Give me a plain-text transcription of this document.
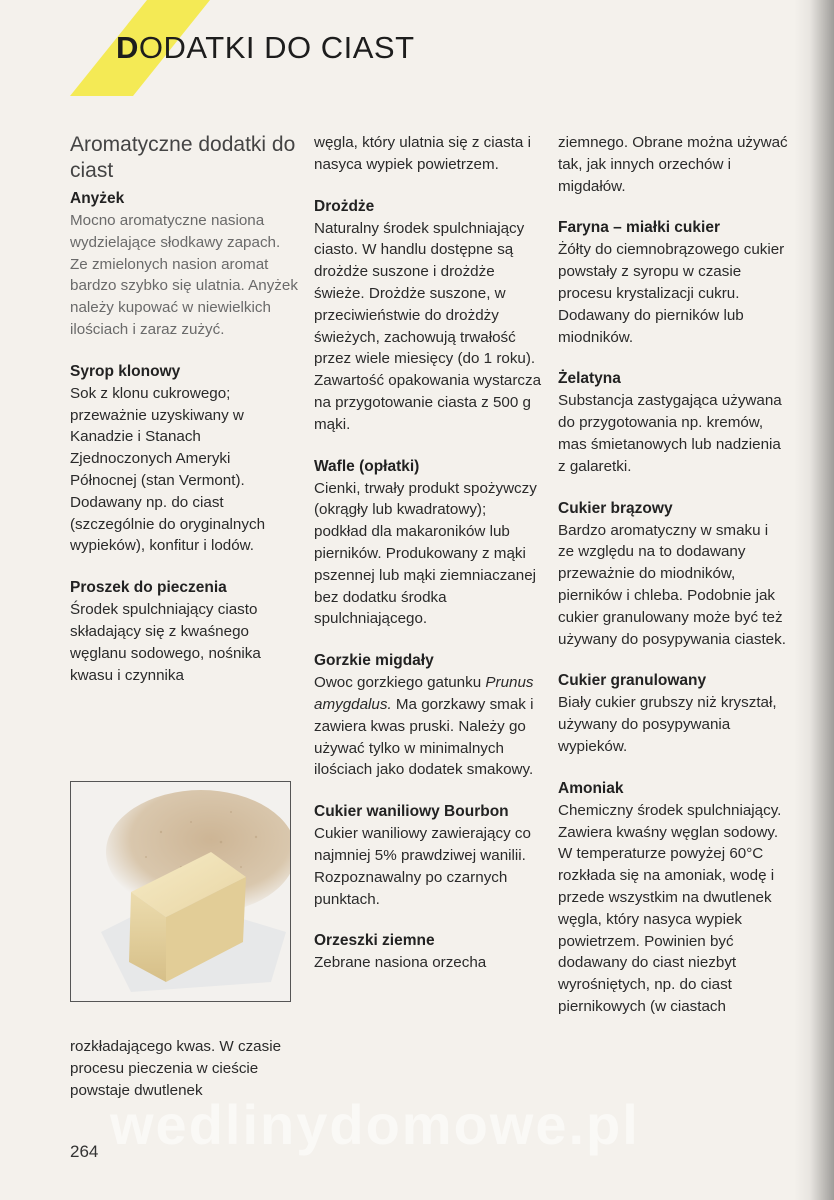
DODATKI DO CIAST
Aromatyczne dodatki do ciast
Anyżek

Mocno aromatyczne nasiona wydzielające słodkawy zapach. Ze zmielonych nasion aromat bardzo szybko się ulatnia. Anyżek należy kupować w niewielkich ilościach i zaraz zużyć.

Syrop klonowy

Sok z klonu cukrowego; przeważnie uzyskiwany w Kanadzie i Stanach Zjednoczonych Ameryki Północnej (stan Vermont). Dodawany np. do ciast (szczególnie do oryginalnych wypieków), konfitur i lodów.

Proszek do pieczenia

Środek spulchniający ciasto składający się z kwaśnego węglanu sodowego, nośnika kwasu i czynnika

rozkładającego kwas. W czasie procesu pieczenia w cieście powstaje dwutlenek

węgla, który ulatnia się z ciasta i nasyca wypiek powietrzem.

Drożdże

Naturalny środek spulchniający ciasto. W handlu dostępne są drożdże suszone i drożdże świeże. Drożdże suszone, w przeciwieństwie do drożdży świeżych, zachowują trwałość przez wiele miesięcy (do 1 roku). Zawartość opakowania wystarcza na przygotowanie ciasta z 500 g mąki.

Wafle (opłatki)

Cienki, trwały produkt spożywczy (okrągły lub kwadratowy); podkład dla makaroników lub pierników. Produkowany z mąki pszennej lub mąki ziemniaczanej bez dodatku środka spulchniającego.

Gorzkie migdały

Owoc gorzkiego gatunku Prunus amygdalus. Ma gorzkawy smak i zawiera kwas pruski. Należy go używać tylko w minimalnych ilościach jako dodatek smakowy.

Cukier waniliowy Bourbon

Cukier waniliowy zawierający co najmniej 5% prawdziwej wanilii. Rozpoznawalny po czarnych punktach.

Orzeszki ziemne

Zebrane nasiona orzecha

ziemnego. Obrane można używać tak, jak innych orzechów i migdałów.

Faryna – miałki cukier

Żółty do ciemnobrązowego cukier powstały z syropu w czasie procesu krystalizacji cukru. Dodawany do pierników lub miodników.

Żelatyna

Substancja zastygająca używana do przygotowania np. kremów, mas śmietanowych lub nadzienia z galaretki.

Cukier brązowy

Bardzo aromatyczny w smaku i ze względu na to dodawany przeważnie do miodników, pierników i chleba. Podobnie jak cukier granulowany może być też używany do posypywania ciastek.

Cukier granulowany

Biały cukier grubszy niż kryształ, używany do posypywania wypieków.

Amoniak

Chemiczny środek spulchniający. Zawiera kwaśny węglan sodowy. W temperaturze powyżej 60°C rozkłada się na amoniak, wodę i przede wszystkim na dwutlenek węgla, który nasyca wypiek powietrzem. Powinien być dodawany do ciast niezbyt wyrośniętych, np. do ciast piernikowych (w ciastach

wedlinydomowe.pl
264
